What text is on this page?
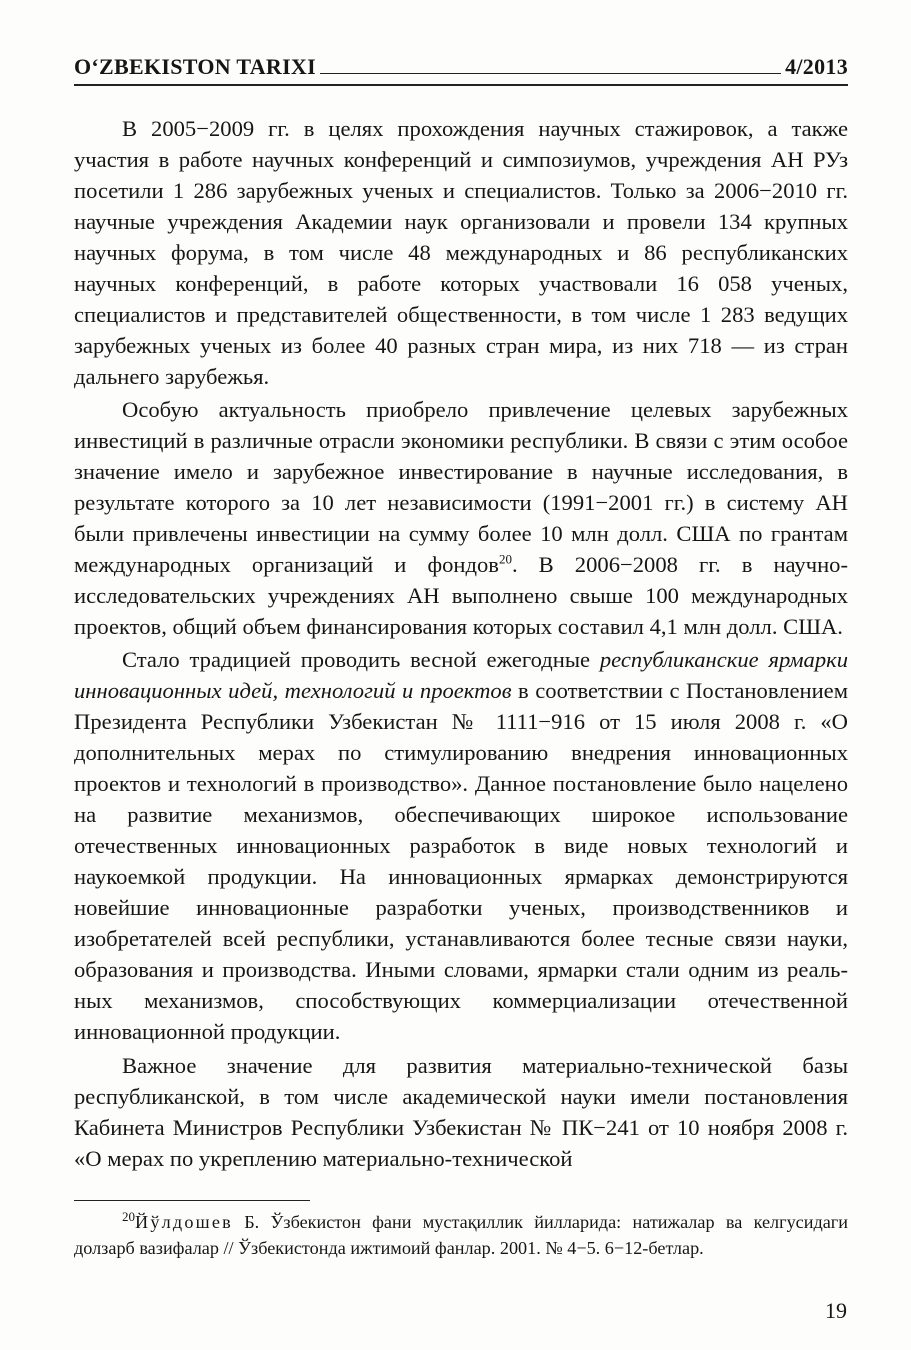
O‘ZBEKISTON TARIXI	4/2013

В 2005−2009 гг. в целях прохождения научных стажировок, а также участия в работе научных конференций и симпозиумов, учреждения АН РУз посетили 1 286 зарубежных ученых и специалистов. Только за 2006−2010 гг. научные учреждения Академии наук организовали и провели 134 крупных научных форума, в том числе 48 международных и 86 республиканских научных конференций, в работе которых участвовали 16 058 ученых, специалистов и представителей общественности, в том числе 1 283 ведущих зарубежных ученых из более 40 разных стран мира, из них 718 — из стран дальнего зарубежья.

Особую актуальность приобрело привлечение целевых зарубежных инвестиций в различные отрасли экономики республики. В связи с этим особое значение имело и зарубежное инвестирование в научные исследования, в результате которого за 10 лет независимости (1991−2001 гг.) в систему АН были привлечены инвестиции на сумму более 10 млн долл. США по грантам международных организаций и фондов$^{20}$. В 2006−2008 гг. в научно-исследовательских учреждениях АН выполнено свыше 100 международных проектов, общий объем финансирования которых составил 4,1 млн долл. США.

Стало традицией проводить весной ежегодные республиканские ярмарки инновационных идей, технологий и проектов в соответствии с Постановлением Президента Республики Узбекистан № 1111−916 от 15 июля 2008 г. «О дополнительных мерах по стимулированию внедрения инновационных проектов и технологий в производство». Данное постановление было нацелено на развитие механизмов, обеспечивающих широкое использование отечественных инновационных разработок в виде новых технологий и наукоемкой продукции. На инновационных ярмарках демонстрируются новейшие инновационные разработки ученых, производственников и изобретателей всей республики, устанавливаются более тесные связи науки, образования и производства. Иными словами, ярмарки стали одним из реальных механизмов, способствующих коммерциализации отечественной инновационной продукции.

Важное значение для развития материально-технической базы республиканской, в том числе академической науки имели постановления Кабинета Министров Республики Узбекистан № ПК−241 от 10 ноября 2008 г. «О мерах по укреплению материально-технической

$^{20}$Йўлдошев Б. Ўзбекистон фани мустақиллик йилларида: натижалар ва келгусидаги долзарб вазифалар // Ўзбекистонда ижтимоий фанлар. 2001. № 4−5. 6−12-бетлар.

19
